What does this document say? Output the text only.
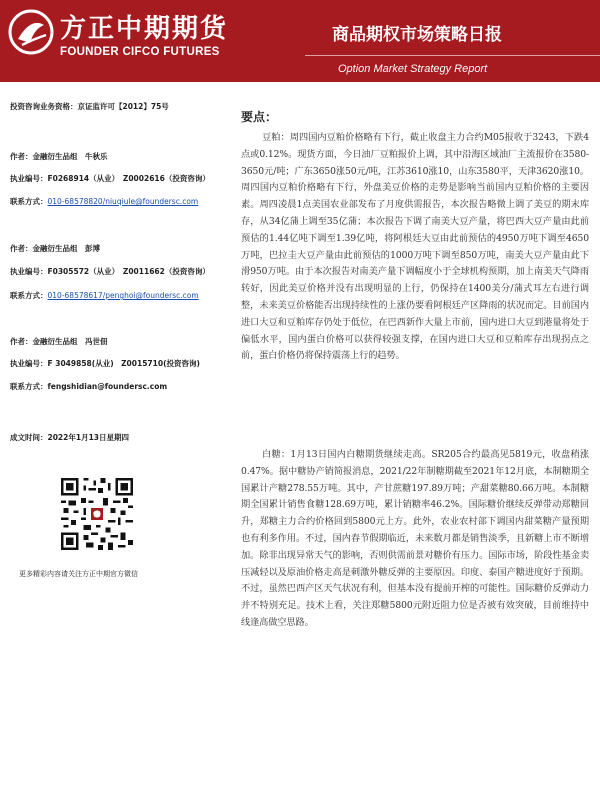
方正中期期货
FOUNDER CIFCO FUTURES
商品期权市场策略日报
Option Market Strategy Report
投资咨询业务资格：京证监许可【2012】75号
作者：金融衍生品组　牛秋乐
执业编号：F0268914（从业）　Z0002616（投资咨询）
联系方式：010-68578820/niuqiule@foundersc.com
作者：金融衍生品组　彭博
执业编号：F0305572（从业）　Z0011662（投资咨询）
联系方式：010-68578617/penghoi@foundersc.com
作者：金融衍生品组　冯世佃
执业编号：F 3049858(从业)　Z0015710(投资咨询)
联系方式：fengshidian@foundersc.com
成文时间：2022年1月13日星期四
更多精彩内容请关注方正中期官方微信
要点：
豆粕：周四国内豆粕价格略有下行，截止收盘主力合约M05报收于3243，下跌4点或0.12%。现货方面，今日油厂豆粕报价上调，其中沿海区域油厂主流报价在3580-3650元/吨；广东3650涨50元/吨，江苏3610涨10，山东3580平，天津3620涨10。周四国内豆粕价格略有下行，外盘美豆价格的走势是影响当前国内豆粕价格的主要因素。周四凌晨1点美国农业部发布了月度供需报告，本次报告略微上调了美豆的期末库存，从34亿蒲上调至35亿蒲；本次报告下调了南美大豆产量，将巴西大豆产量由此前预估的1.44亿吨下调至1.39亿吨，将阿根廷大豆由此前预估的4950万吨下调至4650万吨，巴拉圭大豆产量由此前预估的1000万吨下调至850万吨，南美大豆产量由此下滑950万吨。由于本次报告对南美产量下调幅度小于全球机构预期，加上南美天气降雨转好，因此美豆价格并没有出现明显的上行，仍保持在1400美分/蒲式耳左右进行调整，未来美豆价格能否出现持续性的上涨仍要看阿根廷产区降雨的状况而定。目前国内进口大豆和豆粕库存仍处于低位，在巴西新作大量上市前，国内进口大豆到港量将处于偏低水平，国内蛋白价格可以获得较强支撑，在国内进口大豆和豆粕库存出现拐点之前，蛋白价格仍将保持震荡上行的趋势。
白糖：1月13日国内白糖期货继续走高。SR205合约最高见5819元，收盘稍涨0.47%。据中糖协产销简报消息，2021/22年制糖期截至2021年12月底，本制糖期全国累计产糖278.55万吨。其中，产甘蔗糖197.89万吨；产甜菜糖80.66万吨。本制糖期全国累计销售食糖128.69万吨，累计销糖率46.2%。国际糖价继续反弹带动郑糖回升，郑糖主力合约价格回到5800元上方。此外，农业农村部下调国内甜菜糖产量预期也有利多作用。不过，国内春节假期临近，未来数月都是销售淡季，且新糖上市不断增加。除非出现异常天气的影响，否则供需前景对糖价有压力。国际市场，阶段性基金卖压减轻以及原油价格走高是刺激外糖反弹的主要原因。印度、泰国产糖进度好于预期。不过，虽然巴西产区天气状况有利，但基本没有提前开榨的可能性。国际糖价反弹动力并不特别充足。技术上看，关注郑糖5800元附近阻力位是否被有效突破，目前维持中线逢高做空思路。
